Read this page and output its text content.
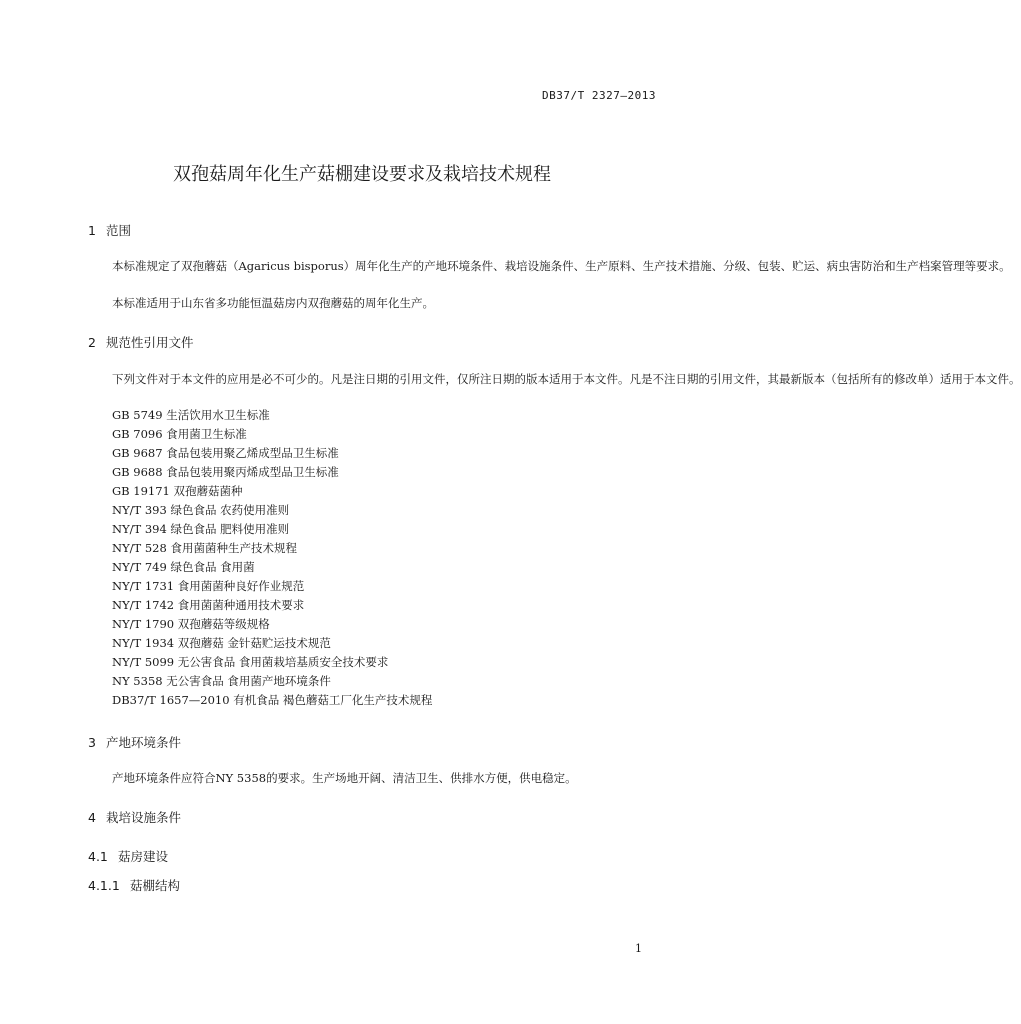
DB37/T 2327—2013
双孢菇周年化生产菇棚建设要求及栽培技术规程
1 范围
本标准规定了双孢蘑菇（Agaricus bisporus）周年化生产的产地环境条件、栽培设施条件、生产原料、生产技术措施、分级、包装、贮运、病虫害防治和生产档案管理等要求。
本标准适用于山东省多功能恒温菇房内双孢蘑菇的周年化生产。
2 规范性引用文件
下列文件对于本文件的应用是必不可少的。凡是注日期的引用文件，仅所注日期的版本适用于本文件。凡是不注日期的引用文件，其最新版本（包括所有的修改单）适用于本文件。
GB 5749 生活饮用水卫生标准
GB 7096 食用菌卫生标准
GB 9687 食品包装用聚乙烯成型品卫生标准
GB 9688 食品包装用聚丙烯成型品卫生标准
GB 19171 双孢蘑菇菌种
NY/T 393 绿色食品 农药使用准则
NY/T 394 绿色食品 肥料使用准则
NY/T 528 食用菌菌种生产技术规程
NY/T 749 绿色食品 食用菌
NY/T 1731 食用菌菌种良好作业规范
NY/T 1742 食用菌菌种通用技术要求
NY/T 1790 双孢蘑菇等级规格
NY/T 1934 双孢蘑菇 金针菇贮运技术规范
NY/T 5099 无公害食品 食用菌栽培基质安全技术要求
NY 5358 无公害食品 食用菌产地环境条件
DB37/T 1657—2010 有机食品 褐色蘑菇工厂化生产技术规程
3 产地环境条件
产地环境条件应符合NY 5358的要求。生产场地开阔、清洁卫生、供排水方便，供电稳定。
4 栽培设施条件
4.1 菇房建设
4.1.1 菇棚结构
1
